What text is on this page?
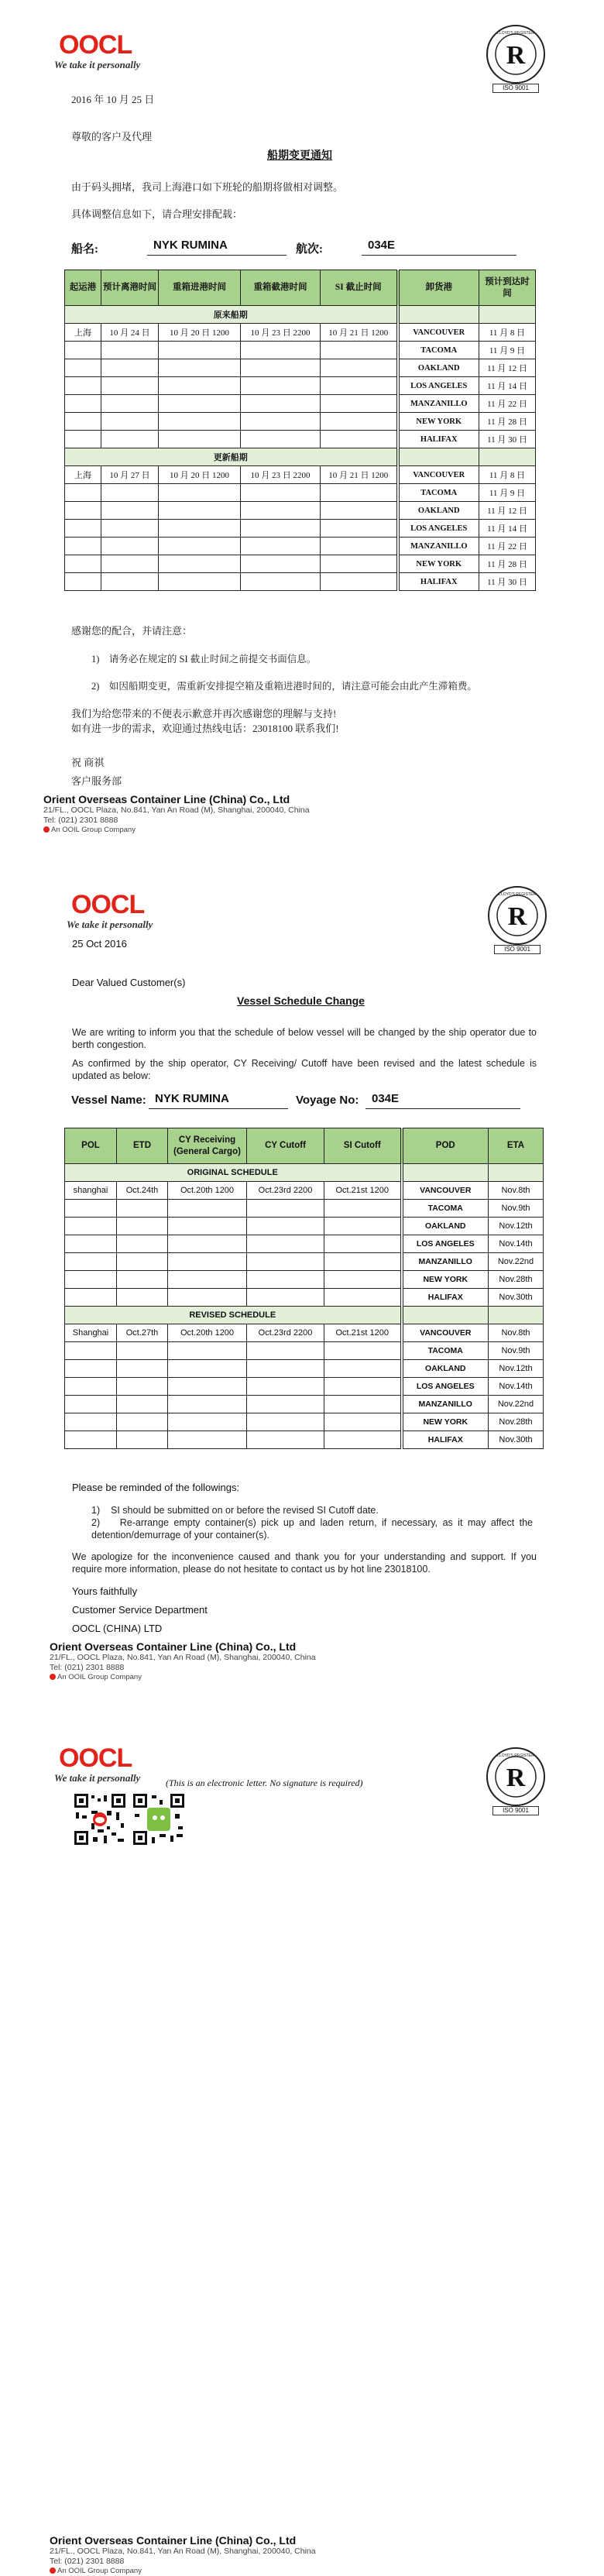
OOCL
We take it personally	R
LLOYD'S REGISTER
ISO 9001
2016 年 10 月 25 日
尊敬的客户及代理
船期变更通知
由于码头拥堵，我司上海港口如下班轮的船期将做相对调整。
具体调整信息如下，请合理安排配载：
船名:	NYK RUMINA	航次:	034E
起运港	预计离港时间	重箱进港时间	重箱截港时间	SI 截止时间	卸货港	预计到达时间
原来船期						
上海	10 月 24 日	10 月 20 日 1200	10 月 23 日 2200	10 月 21 日 1200	VANCOUVER	11 月 8 日
					TACOMA	11 月 9 日
					OAKLAND	11 月 12 日
					LOS ANGELES	11 月 14 日
					MANZANILLO	11 月 22 日
					NEW YORK	11 月 28 日
					HALIFAX	11 月 30 日
更新船期						
上海	10 月 27 日	10 月 20 日 1200	10 月 23 日 2200	10 月 21 日 1200	VANCOUVER	11 月 8 日
					TACOMA	11 月 9 日
					OAKLAND	11 月 12 日
					LOS ANGELES	11 月 14 日
					MANZANILLO	11 月 22 日
					NEW YORK	11 月 28 日
					HALIFAX	11 月 30 日
感谢您的配合，并请注意：
1)    请务必在规定的 SI 截止时间之前提交书面信息。
2)    如因船期变更，需重新安排提空箱及重箱进港时间的，请注意可能会由此产生滞箱费。
我们为给您带来的不便表示歉意并再次感谢您的理解与支持!
如有进一步的需求，欢迎通过热线电话：23018100 联系我们!
祝 商祺
客户服务部
Orient Overseas Container Line (China) Co., Ltd
21/FL., OOCL Plaza, No.841, Yan An Road (M), Shanghai, 200040, China
Tel: (021) 2301 8888
An OOIL Group Company
OOCL
We take it personally	R
LLOYD'S REGISTER
ISO 9001
25 Oct 2016
Dear Valued Customer(s)
Vessel Schedule Change
We are writing to inform you that the schedule of below vessel will be changed by the ship operator due to berth congestion.
As confirmed by the ship operator, CY Receiving/ Cutoff have been revised and the latest schedule is updated as below:
Vessel Name: NYK RUMINA	Voyage No:	034E
POL	ETD	CY Receiving (General Cargo)	CY Cutoff	SI Cutoff	POD	ETA
ORIGINAL SCHEDULE						
shanghai	Oct.24th	Oct.20th 1200	Oct.23rd 2200	Oct.21st 1200	VANCOUVER	Nov.8th
					TACOMA	Nov.9th
					OAKLAND	Nov.12th
					LOS ANGELES	Nov.14th
					MANZANILLO	Nov.22nd
					NEW YORK	Nov.28th
					HALIFAX	Nov.30th
REVISED SCHEDULE						
Shanghai	Oct.27th	Oct.20th 1200	Oct.23rd 2200	Oct.21st 1200	VANCOUVER	Nov.8th
					TACOMA	Nov.9th
					OAKLAND	Nov.12th
					LOS ANGELES	Nov.14th
					MANZANILLO	Nov.22nd
					NEW YORK	Nov.28th
					HALIFAX	Nov.30th
Please be reminded of the followings:
1)    SI should be submitted on or before the revised SI Cutoff date.
2)    Re-arrange empty container(s) pick up and laden return, if necessary, as it may affect the detention/demurrage of your container(s).
We apologize for the inconvenience caused and thank you for your understanding and support. If you require more information, please do not hesitate to contact us by hot line 23018100.
Yours faithfully
Customer Service Department
OOCL (CHINA) LTD
Orient Overseas Container Line (China) Co., Ltd
21/FL., OOCL Plaza, No.841, Yan An Road (M), Shanghai, 200040, China
Tel: (021) 2301 8888
An OOIL Group Company
OOCL
We take it personally	(This is an electronic letter. No signature is required)	R
LLOYD'S REGISTER
ISO 9001
Orient Overseas Container Line (China) Co., Ltd
21/FL., OOCL Plaza, No.841, Yan An Road (M), Shanghai, 200040, China
Tel: (021) 2301 8888
An OOIL Group Company
